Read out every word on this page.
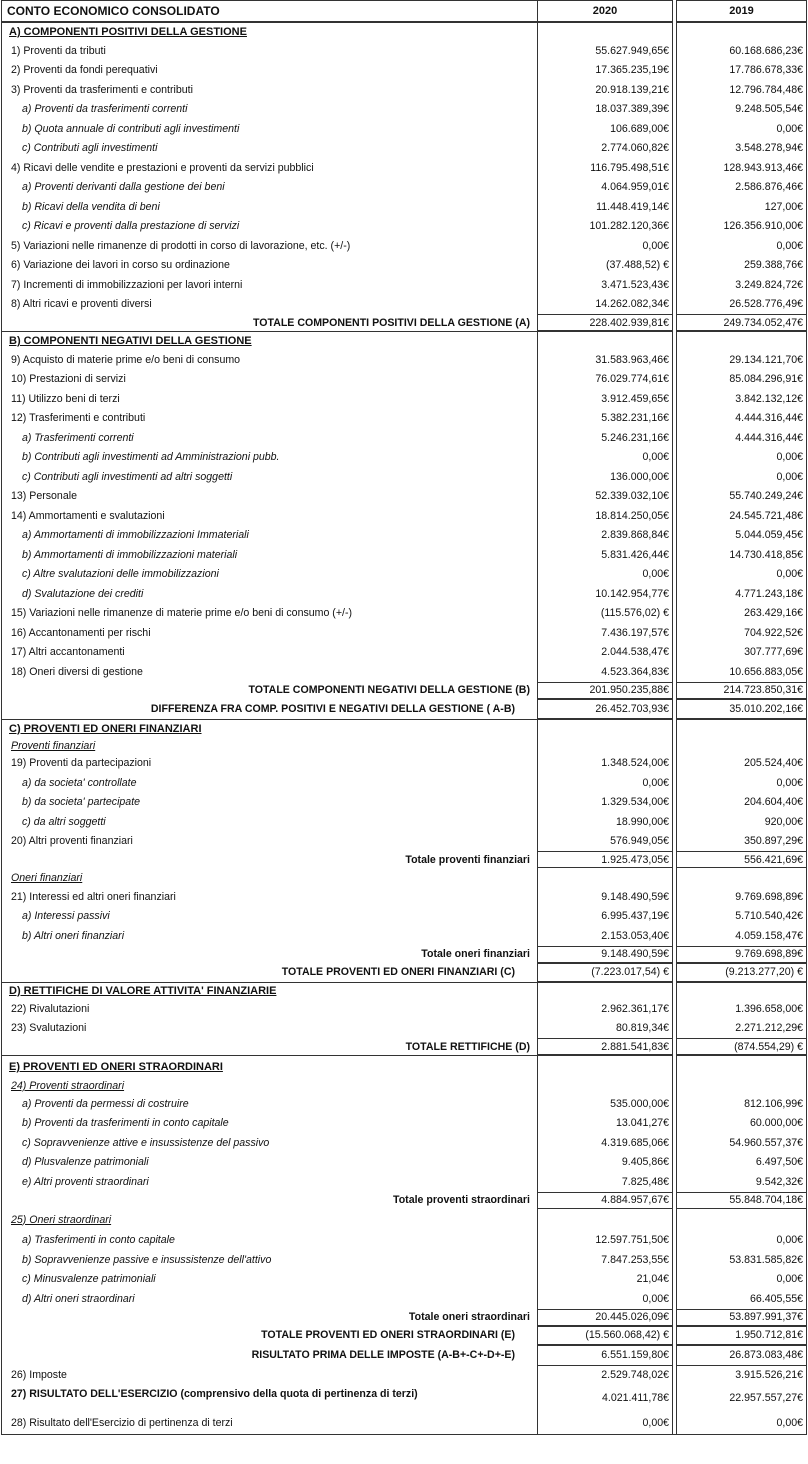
CONTO ECONOMICO CONSOLIDATO	2020	2019
A) COMPONENTI POSITIVI DELLA GESTIONE
1) Proventi da tributi	55.627.949,65€	60.168.686,23€
2) Proventi da fondi perequativi	17.365.235,19€	17.786.678,33€
3) Proventi da trasferimenti e contributi	20.918.139,21€	12.796.784,48€
a) Proventi da trasferimenti correnti	18.037.389,39€	9.248.505,54€
b) Quota annuale di contributi agli investimenti	106.689,00€	0,00€
c) Contributi agli investimenti	2.774.060,82€	3.548.278,94€
4) Ricavi delle vendite e prestazioni e proventi da servizi pubblici	116.795.498,51€	128.943.913,46€
a) Proventi derivanti dalla gestione dei beni	4.064.959,01€	2.586.876,46€
b) Ricavi della vendita di beni	11.448.419,14€	127,00€
c) Ricavi e proventi dalla prestazione di servizi	101.282.120,36€	126.356.910,00€
5) Variazioni nelle rimanenze di prodotti in corso di lavorazione, etc. (+/-)	0,00€	0,00€
6) Variazione dei lavori in corso su ordinazione	(37.488,52) €	259.388,76€
7) Incrementi di immobilizzazioni per lavori interni	3.471.523,43€	3.249.824,72€
8) Altri ricavi e proventi diversi	14.262.082,34€	26.528.776,49€
TOTALE COMPONENTI POSITIVI DELLA GESTIONE (A)	228.402.939,81€	249.734.052,47€
B) COMPONENTI NEGATIVI DELLA GESTIONE
9) Acquisto di materie prime e/o beni di consumo	31.583.963,46€	29.134.121,70€
10) Prestazioni di servizi	76.029.774,61€	85.084.296,91€
11) Utilizzo beni di terzi	3.912.459,65€	3.842.132,12€
12) Trasferimenti e contributi	5.382.231,16€	4.444.316,44€
a) Trasferimenti correnti	5.246.231,16€	4.444.316,44€
b) Contributi agli investimenti ad Amministrazioni pubb.	0,00€	0,00€
c) Contributi agli investimenti ad altri soggetti	136.000,00€	0,00€
13) Personale	52.339.032,10€	55.740.249,24€
14) Ammortamenti e svalutazioni	18.814.250,05€	24.545.721,48€
a) Ammortamenti di immobilizzazioni Immateriali	2.839.868,84€	5.044.059,45€
b) Ammortamenti di immobilizzazioni materiali	5.831.426,44€	14.730.418,85€
c) Altre svalutazioni delle immobilizzazioni	0,00€	0,00€
d) Svalutazione dei crediti	10.142.954,77€	4.771.243,18€
15) Variazioni nelle rimanenze di materie prime e/o beni di consumo (+/-)	(115.576,02) €	263.429,16€
16) Accantonamenti per rischi	7.436.197,57€	704.922,52€
17) Altri accantonamenti	2.044.538,47€	307.777,69€
18) Oneri diversi di gestione	4.523.364,83€	10.656.883,05€
TOTALE COMPONENTI NEGATIVI DELLA GESTIONE (B)	201.950.235,88€	214.723.850,31€
DIFFERENZA FRA COMP. POSITIVI E NEGATIVI DELLA GESTIONE ( A-B)	26.452.703,93€	35.010.202,16€
C) PROVENTI ED ONERI FINANZIARI
Proventi finanziari
19) Proventi da partecipazioni	1.348.524,00€	205.524,40€
a) da societa' controllate	0,00€	0,00€
b) da societa' partecipate	1.329.534,00€	204.604,40€
c) da altri soggetti	18.990,00€	920,00€
20) Altri proventi finanziari	576.949,05€	350.897,29€
Totale proventi finanziari	1.925.473,05€	556.421,69€
Oneri finanziari
21) Interessi ed altri oneri finanziari	9.148.490,59€	9.769.698,89€
a) Interessi passivi	6.995.437,19€	5.710.540,42€
b) Altri oneri finanziari	2.153.053,40€	4.059.158,47€
Totale oneri finanziari	9.148.490,59€	9.769.698,89€
TOTALE PROVENTI ED ONERI FINANZIARI (C)	(7.223.017,54) €	(9.213.277,20) €
D) RETTIFICHE DI VALORE ATTIVITA' FINANZIARIE
22) Rivalutazioni	2.962.361,17€	1.396.658,00€
23) Svalutazioni	80.819,34€	2.271.212,29€
TOTALE RETTIFICHE (D)	2.881.541,83€	(874.554,29) €
E) PROVENTI ED ONERI STRAORDINARI
24) Proventi straordinari
a) Proventi da permessi di costruire	535.000,00€	812.106,99€
b) Proventi da trasferimenti in conto capitale	13.041,27€	60.000,00€
c) Sopravvenienze attive e insussistenze del passivo	4.319.685,06€	54.960.557,37€
d) Plusvalenze patrimoniali	9.405,86€	6.497,50€
e) Altri proventi straordinari	7.825,48€	9.542,32€
Totale proventi straordinari	4.884.957,67€	55.848.704,18€
25) Oneri straordinari
a) Trasferimenti in conto capitale	12.597.751,50€	0,00€
b) Sopravvenienze passive e insussistenze dell'attivo	7.847.253,55€	53.831.585,82€
c) Minusvalenze patrimoniali	21,04€	0,00€
d) Altri oneri straordinari	0,00€	66.405,55€
Totale oneri straordinari	20.445.026,09€	53.897.991,37€
TOTALE PROVENTI ED ONERI STRAORDINARI (E)	(15.560.068,42) €	1.950.712,81€
RISULTATO PRIMA DELLE IMPOSTE (A-B+-C+-D+-E)	6.551.159,80€	26.873.083,48€
26) Imposte	2.529.748,02€	3.915.526,21€
27) RISULTATO DELL'ESERCIZIO (comprensivo della quota di pertinenza di terzi)	4.021.411,78€	22.957.557,27€
28) Risultato dell'Esercizio di pertinenza di terzi	0,00€	0,00€
